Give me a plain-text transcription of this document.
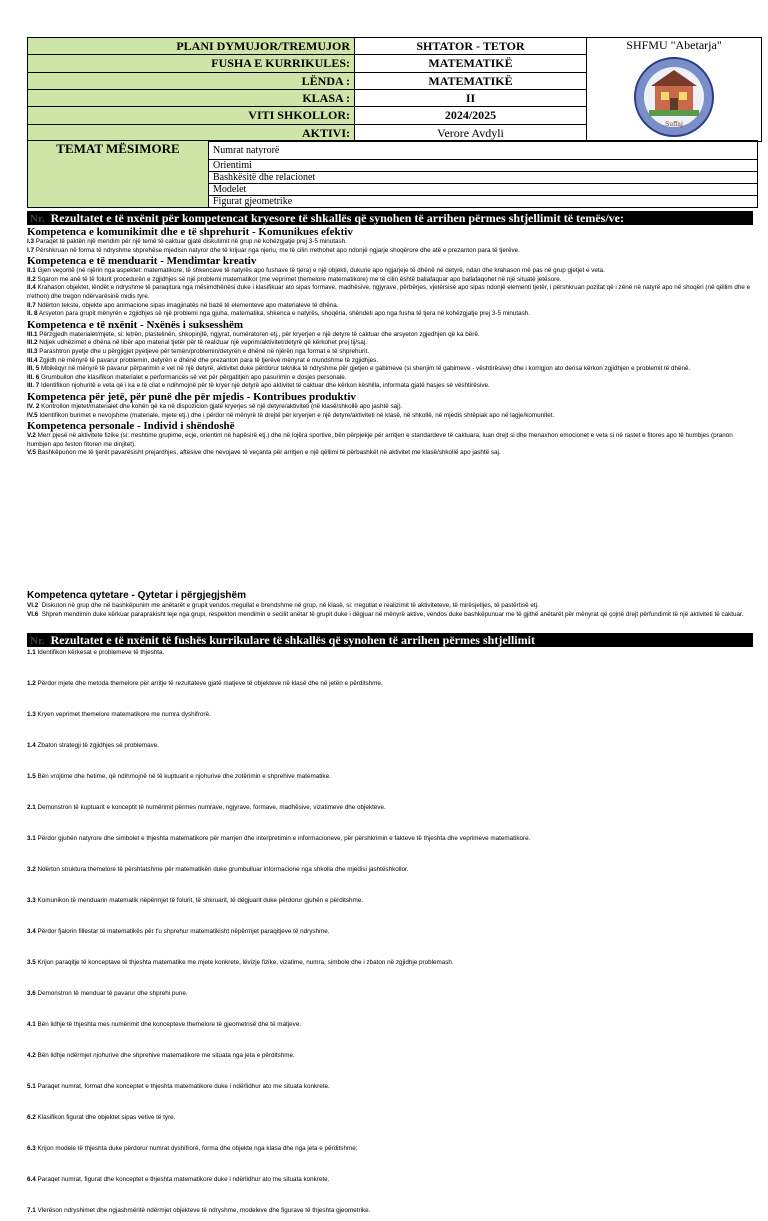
PLANI DYMUJOR/TREMUJOR	SHTATOR - TETOR	SHFMU "Abetarja"
Suffaj

FUSHA E KURRIKULES:	MATEMATIKË	
LËNDA :	MATEMATIKË	
KLASA :	II	
VITI SHKOLLOR:	2024/2025	
AKTIVI:	Verore Avdyli	
TEMAT MËSIMORE	Numrat natyrorë
Orientimi
Bashkësitë dhe relacionet
Modelet
Figurat gjeometrike
Nr. Rezultatet e të nxënit për kompetencat kryesore të shkallës që synohen të arrihen përmes shtjellimit të temës/ve:
Kompetenca e komunikimit dhe e të shprehurit - Komunikues efektiv
I.3 Paraqet të paktën një mendim për një temë të caktuar gjatë diskutimit në grup në kohëzgjatje prej 3-5 minutash.
I.7 Përshkruan në forma të ndryshme shprehëse mjedisin natyror dhe të krijuar nga njeriu, me të cilin rrethohet apo ndonjë ngjarje shoqërore dhe atë e prezanton para të tjerëve.
Kompetenca e të menduarit - Mendimtar kreativ
II.1 Gjen veçoritë (në njërin nga aspektet: matematikore, të shkencave të natyrës apo fushave të tjera) e një objekti, dukurie apo ngjarjeje të dhënë në detyrë, ndan dhe krahason më pas në grup gjetjet e veta.
II.2 Sqaron me anë të të folurit procedurën e zgjidhjes së një problemi matematikor (me veprimet themelore matematikore) me të cilin është ballafaquar apo ballafaqohet në një situatë jetësore.
II.4 Krahason objektet, lëndët e ndryshme të paraqitura nga mësimdhënësi duke i klasifikuar ato sipas formave, madhësive, ngjyrave, përbërjes, vjetërsisë apo sipas ndonjë elementi tjetër, i përshkruan pozitat që i zënë në natyrë apo në shoqëri (në qëllim dhe e rrethon) dhe tregon ndërvarësinë midis tyre.
II.7 Ndërton tekste, objekte apo animacione sipas imagjinatës në bazë të elementeve apo materialeve të dhëna.
II. 8 Arsyeton para grupit mënyrën e zgjidhjes së një problemi nga gjuha, matematika, shkenca e natyrës, shoqëria, shëndeti apo nga fusha të tjera në kohëzgjatje prej 3-5 minutash.
Kompetenca e të nxënit - Nxënës i suksesshëm
III.1 Përzgjedh materialet/mjete, si: letrën, plastelinën, shkopinjtë, ngjyrat, numëratoren etj., për kryerjen e një detyre të caktuar dhe arsyeton zgjedhjen që ka bërë.
III.2 Ndjek udhëzimet e dhëna në libër apo material tjetër për të realizuar një veprim/aktivitet/detyrë që kërkohet prej tij/saj.
III.3 Parashtron pyetje dhe u përgjigjet pyetjeve për temën/problemin/detyrën e dhënë në njërën nga format e të shprehurit.
III.4 Zgjidh në mënyrë të pavarur problemin, detyrën e dhënë dhe prezanton para të tjerëve mënyrat e mundshme të zgjidhjes.
III. 5 Mbikëqyr në mënyrë të pavarur përparimin e vet në një detyrë, aktivitet duke përdorur teknika të ndryshme për gjetjen e gabimeve (si shenjim të gabimeve - vështirësive) dhe i korrigjon ato derisa kërkon zgjidhjen e problemit të dhënë.
III. 6 Grumbullon dhe klasifikon materialet e performancës së vet për përgatitjen apo pasurimin e dosjes personale.
III. 7 Identifikon njohuritë e veta që i ka e të cilat e ndihmojnë për të kryer një detyrë apo aktivitet të caktuar dhe kërkon këshilla, informata gjatë hasjes së vështirësive.
Kompetenca për jetë, për punë dhe për mjedis - Kontribues produktiv
IV. 2 Kontrollon mjetet/materialet dhe kohën që ka në dispozicion gjatë kryerjes së një detyre/aktiviteti (në klasë/shkollë apo jashtë saj).
IV.5 Identifikon burimet e nevojshme (materiale, mjete etj.) dhe i përdor në mënyrë të drejtë për kryerjen e një detyre/aktiviteti në klasë, në shkollë, në mjedis shtëpiak apo në lagje/komunitet.
Kompetenca personale - Individ i shëndoshë
V.2 Merr pjesë në aktivitete fizike (si: rreshtime grupime, ecje, orientim në hapësirë etj.) dhe në lojëra sportive, bën përpjekje për arritjen e standardeve të caktuara, luan drejt si dhe menaxhon emocionet e veta si në rastet e fitores apo të humbjes (pranon humbjen apo feston fitoren me dinjitet).
V.5 Bashkëpunon me të tjerët pavarësisht prejardhjes, aftësive dhe nevojave të veçanta për arritjen e një qëllimi të përbashkët në aktivitet me klasë/shkollë apo jashtë saj.
Kompetenca qytetare - Qytetar i përgjegjshëm
VI.2 Diskuton në grup dhe në bashkëpunim me anëtarët e grupit vendos rregullat e brendshme në grup, në klasë, si: rregullat e realizimit të aktiviteteve, të mirësjelljes, të pastërtisë etj.
VI.6 Shpreh mendimin duke kërkuar paraprakisht leje nga grupi, respekton mendimin e secilit anëtar të grupit duke i dëgjuar në mënyrë aktive, vendos duke bashkëpunuar me të gjithë anëtarët për mënyrat që çojnë drejt përfundimit të një aktiviteti të caktuar.
Nr. Rezultatet e të nxënit të fushës kurrikulare të shkallës që synohen të arrihen përmes shtjellimit
1.1 Identifikon kërkesat e problemeve të thjeshta.
1.2 Përdor mjete dhe metoda themelore për arritje të rezultateve gjatë matjeve të objekteve në klasë dhe në jetën e përditshme.
1.3 Kryen veprimet themelore matematikore me numra dyshifrorë.
1.4 Zbaton strategji të zgjidhjes së problemave.
1.5 Bën vrojtime dhe hetime, që ndihmojnë në të kuptuarit e njohurive dhe zotërimin e shprehive matematike.
2.1 Demonstron të kuptuarit e konceptit të numërimit përmes numrave, ngjyrave, formave, madhësive, vizatimeve dhe objekteve.
3.1 Përdor gjuhën natyrore dhe simbolet e thjeshta matematikore për marrjen dhe interpretimin e informacioneve, për përshkrimin e fakteve të thjeshta dhe veprimeve matematikore.
3.2 Ndërton struktura themelore të përshtatshme për matematikën duke grumbulluar informacione nga shkolla dhe mjedisi jashtëshkollor.
3.3 Komunikon të menduarin matematik nëpërmjet të folurit, të shkruarit, të dëgjuarit duke përdorur gjuhën e përditshme.
3.4 Përdor fjalorin fillestar të matematikës për t'u shprehur matematikisht nëpërmjet paraqitjeve të ndryshme.
3.5 Krijon paraqitje të konceptave të thjeshta matematike me mjete konkrete, lëvizje fizike, vizatime, numra, simbole dhe i zbaton në zgjidhje problemash.
3.6 Demonstron të menduar të pavarur dhe shprehi pune.
4.1 Bën lidhje të thjeshta mes numërimit dhe koncepteve themelore të gjeometrisë dhe të matjeve.
4.2 Bën lidhje ndërmjet njohurive dhe shprehive matematikore me situata nga jeta e përditshme.
5.1 Paraqet numrat, format dhe konceptet e thjeshta matematikore duke i ndërlidhur ato me situata konkrete.
6.2 Klasifikon figurat dhe objektet sipas vetive të tyre.
6.3 Krijon modele të thjeshta duke përdorur numrat dyshifrorë, forma dhe objekte nga klasa dhe nga jeta e përditshme;
6.4 Paraqet numrat, figurat dhe konceptet e thjeshta matematikore duke i ndërlidhur ato me situata konkrete.
7.1 Vlerëson ndryshimet dhe ngjashmëritë ndërmjet objekteve të ndryshme, modeleve dhe figurave të thjeshta gjeometrike.
